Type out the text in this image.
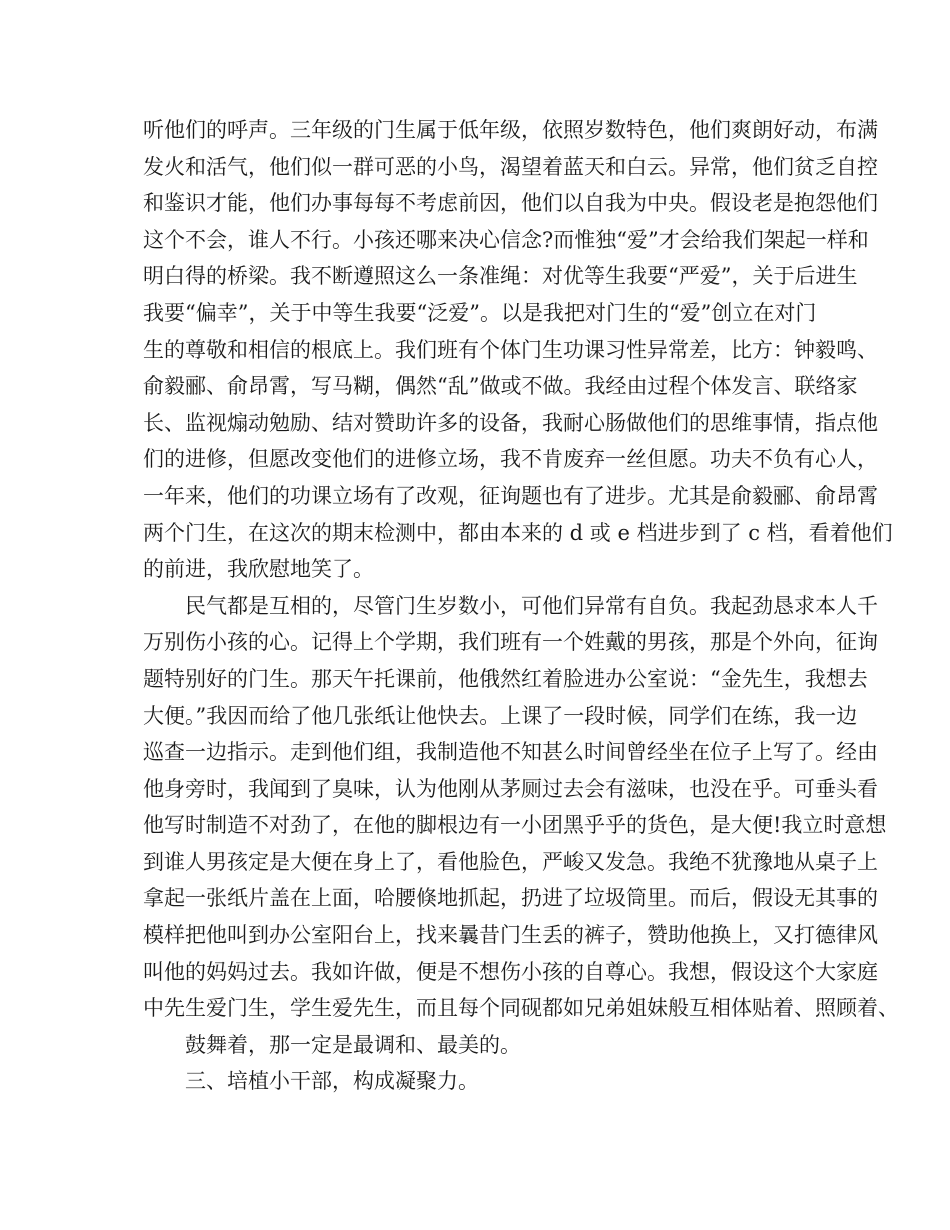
听他们的呼声。三年级的门生属于低年级，依照岁数特色，他们爽朗好动，布满
发火和活气，他们似一群可恶的小鸟，渴望着蓝天和白云。异常，他们贫乏自控
和鉴识才能，他们办事每每不考虑前因，他们以自我为中央。假设老是抱怨他们
这个不会，谁人不行。小孩还哪来决心信念?而惟独“爱”才会给我们架起一样和
明白得的桥梁。我不断遵照这么一条准绳：对优等生我要“严爱”，关于后进生
我要“偏幸”，关于中等生我要“泛爱”。以是我把对门生的“爱”创立在对门
生的尊敬和相信的根底上。我们班有个体门生功课习性异常差，比方：钟毅鸣、
俞毅郦、俞昂霄，写马糊，偶然“乱”做或不做。我经由过程个体发言、联络家
长、监视煽动勉励、结对赞助许多的设备，我耐心肠做他们的思维事情，指点他
们的进修，但愿改变他们的进修立场，我不肯废弃一丝但愿。功夫不负有心人，
一年来，他们的功课立场有了改观，征询题也有了进步。尤其是俞毅郦、俞昂霄
两个门生，在这次的期末检测中，都由本来的 d 或 e 档进步到了 c 档，看着他们
的前进，我欣慰地笑了。
民气都是互相的，尽管门生岁数小，可他们异常有自负。我起劲恳求本人千
万别伤小孩的心。记得上个学期，我们班有一个姓戴的男孩，那是个外向，征询
题特别好的门生。那天午托课前，他俄然红着脸进办公室说：“金先生，我想去
大便。”我因而给了他几张纸让他快去。上课了一段时候，同学们在练，我一边
巡查一边指示。走到他们组，我制造他不知甚么时间曾经坐在位子上写了。经由
他身旁时，我闻到了臭味，认为他刚从茅厕过去会有滋味，也没在乎。可垂头看
他写时制造不对劲了，在他的脚根边有一小团黑乎乎的货色，是大便!我立时意想
到谁人男孩定是大便在身上了，看他脸色，严峻又发急。我绝不犹豫地从桌子上
拿起一张纸片盖在上面，哈腰倏地抓起，扔进了垃圾筒里。而后，假设无其事的
模样把他叫到办公室阳台上，找来曩昔门生丢的裤子，赞助他换上，又打德律风
叫他的妈妈过去。我如许做，便是不想伤小孩的自尊心。我想，假设这个大家庭
中先生爱门生，学生爱先生，而且每个同砚都如兄弟姐妹般互相体贴着、照顾着、
鼓舞着，那一定是最调和、最美的。
三、培植小干部，构成凝聚力。
